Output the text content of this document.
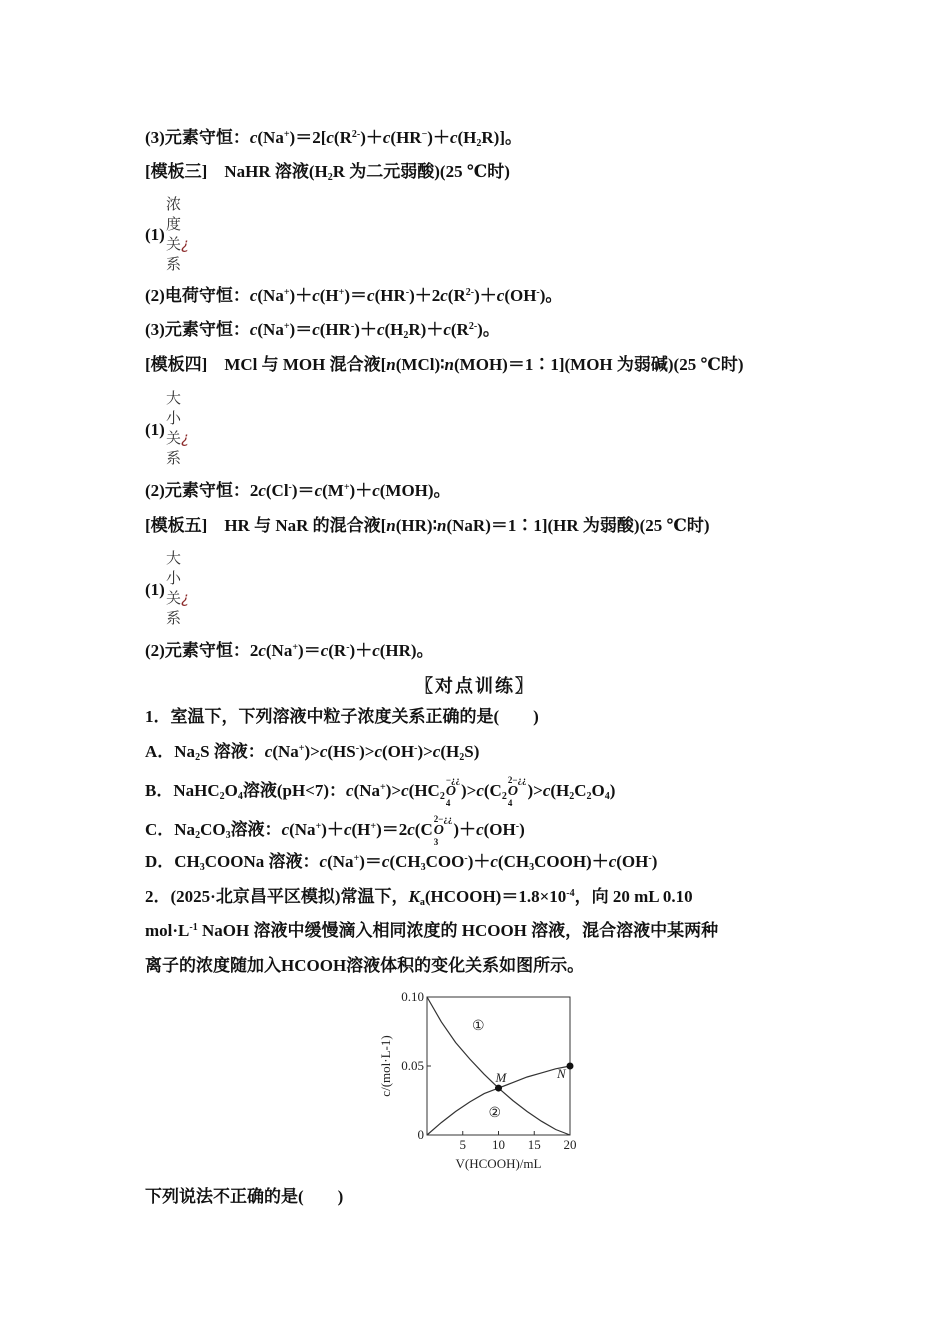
(3)元素守恒：$c(Na^+)=2[c(R^{2-})+c(HR^-)+c(H_2R)]$。
[模板三]　NaHR 溶液($H_2R$ 为二元弱酸)(25 ℃时)
(1)
浓
度
关¿
系
(2)电荷守恒：$c(Na^+)+c(H^+)=c(HR^-)+2c(R^{2-})+c(OH^-)$。
(3)元素守恒：$c(Na^+)=c(HR^-)+c(H_2R)+c(R^{2-})$。
[模板四]　MCl 与 MOH 混合液[n(MCl)∶n(MOH)＝1∶1](MOH 为弱碱)(25 ℃时)
(1)
大
小
关¿
系
(2)元素守恒：2c(Cl-)＝c(M+)＋c(MOH)。
[模板五]　HR 与 NaR 的混合液[n(HR)∶n(NaR)＝1∶1](HR 为弱酸)(25 ℃时)
(1)
大
小
关¿
系
(2)元素守恒：2c(Na+)＝c(R-)＋c(HR)。
〖对点训练〗
1．室温下，下列溶液中粒子浓度关系正确的是(　　)
A．$Na_2S$ 溶液：$c(Na^+)>c(HS^-)>c(OH^-)>c(H_2S)$
B．$NaHC_2O_4$溶液(pH<7)：$c(Na^+)>c(HC_2$
−¿¿
O
4
)$>c(C_2$
2−¿¿
O
4
)$>c(H_2C_2O_4)$
C．$Na_2CO_3$溶液：c(Na+)＋c(H+)＝2c(C
2−¿¿
O
3
)＋c(OH-)
D．$CH_3COONa$ 溶液：$c(Na^+)=c(CH_3COO^-)+c(CH_3COOH)+c(OH^-)$
2．(2025·北京昌平区模拟)常温下，$K_a(HCOOH)=1.8\times 10^{-4}$，向 20 mL 0.10
$mol\cdot L^{-1}$ NaOH 溶液中缓慢滴入相同浓度的 HCOOH 溶液，混合溶液中某两种
离子的浓度随加入HCOOH溶液体积的变化关系如图所示。
5 10 15 20
0
0.05
0.10
V(HCOOH)/mL
c/(mol·L-1)
①
②
M	N
下列说法不正确的是(　　)
